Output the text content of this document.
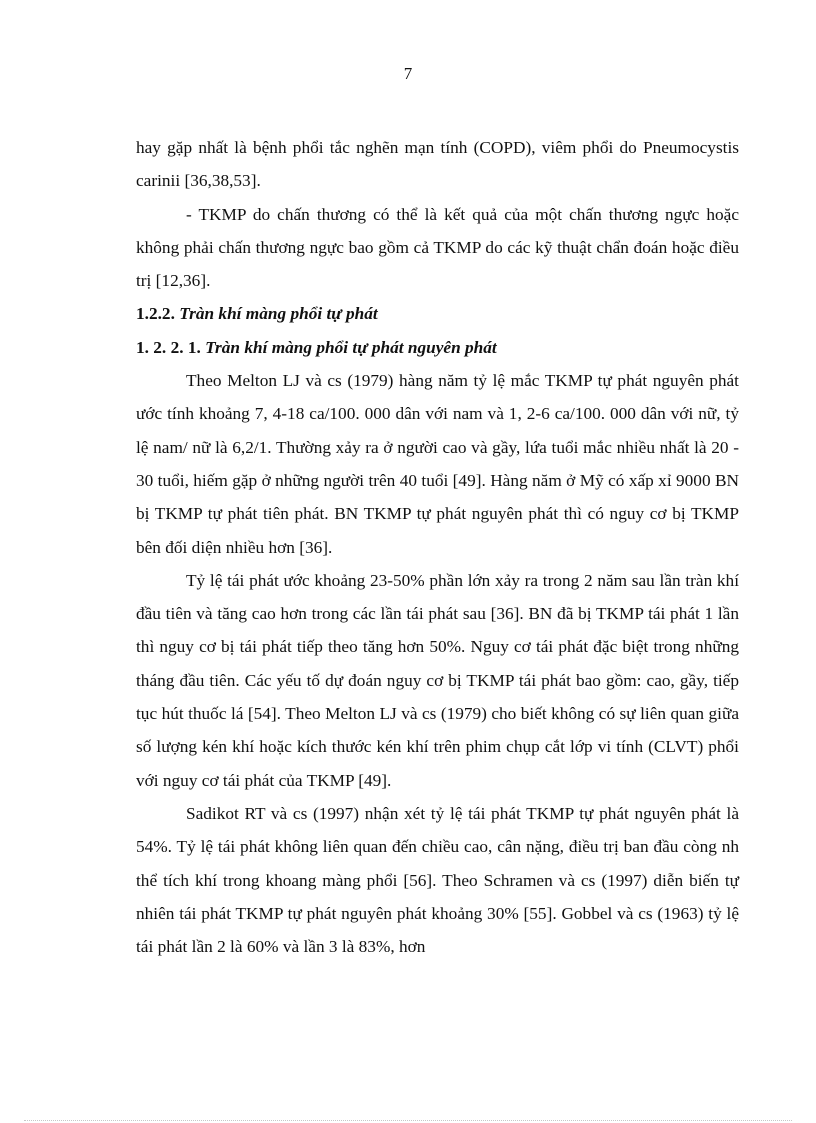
7

hay gặp nhất là bệnh phổi tắc nghẽn mạn tính (COPD), viêm phổi do Pneumocystis carinii [36,38,53].

- TKMP do chấn thương có thể là kết quả của một chấn thương ngực hoặc không phải chấn thương ngực bao gồm cả TKMP do các kỹ thuật chẩn đoán hoặc điều trị [12,36].

1.2.2. Tràn khí màng phổi tự phát

1. 2. 2. 1. Tràn khí màng phổi tự phát nguyên phát

Theo Melton LJ và cs (1979) hàng năm tỷ lệ mắc TKMP tự phát nguyên phát ước tính khoảng 7, 4-18 ca/100. 000 dân với nam và 1, 2-6 ca/100. 000 dân với nữ, tỷ lệ nam/ nữ là 6,2/1. Thường xảy ra ở người cao và gầy, lứa tuổi mắc nhiều nhất là 20 - 30 tuổi, hiếm gặp ở những người trên 40 tuổi [49]. Hàng năm ở Mỹ có xấp xỉ 9000 BN bị TKMP tự phát tiên phát. BN TKMP tự phát nguyên phát thì có nguy cơ bị TKMP bên đối diện nhiều hơn [36].

Tỷ lệ tái phát ước khoảng 23-50% phần lớn xảy ra trong 2 năm sau lần tràn khí đầu tiên và tăng cao hơn trong các lần tái phát sau [36]. BN đã bị TKMP tái phát 1 lần thì nguy cơ bị tái phát tiếp theo tăng hơn 50%. Nguy cơ tái phát đặc biệt trong những tháng đầu tiên. Các yếu tố dự đoán nguy cơ bị TKMP tái phát bao gồm: cao, gầy, tiếp tục hút thuốc lá [54]. Theo Melton LJ và cs (1979) cho biết không có sự liên quan giữa số lượng kén khí hoặc kích thước kén khí trên phim chụp cắt lớp vi tính (CLVT) phổi với nguy cơ tái phát của TKMP [49].

Sadikot RT và cs (1997) nhận xét tỷ lệ tái phát TKMP tự phát nguyên phát là 54%. Tỷ lệ tái phát không liên quan đến chiều cao, cân nặng, điều trị ban đầu còng nh thể tích khí trong khoang màng phổi [56]. Theo Schramen và cs (1997) diễn biến tự nhiên tái phát TKMP tự phát nguyên phát khoảng 30% [55]. Gobbel và cs (1963) tỷ lệ tái phát lần 2 là 60% và lần 3 là 83%, hơn
